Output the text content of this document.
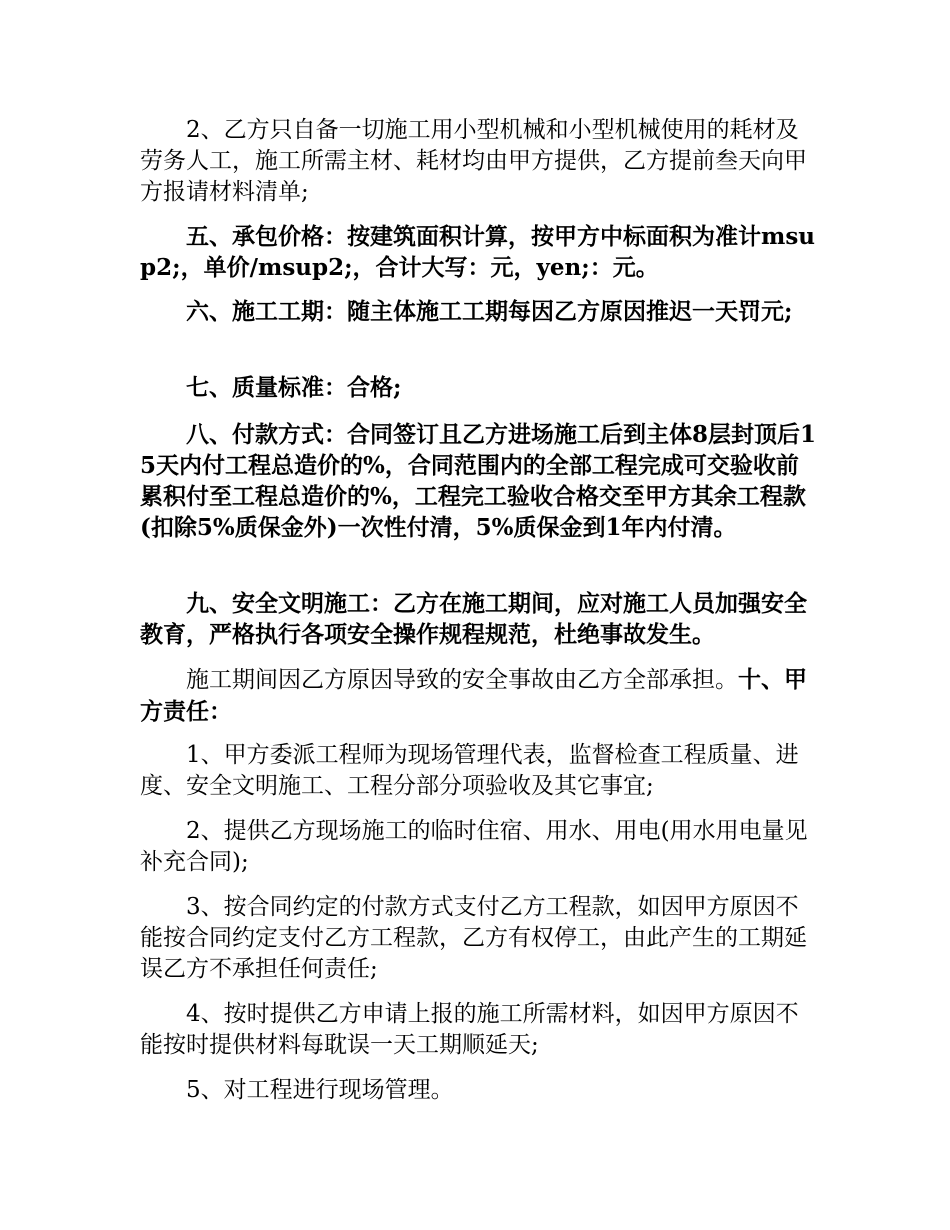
2、乙方只自备一切施工用小型机械和小型机械使用的耗材及劳务人工，施工所需主材、耗材均由甲方提供，乙方提前叁天向甲方报请材料清单;

五、承包价格：按建筑面积计算，按甲方中标面积为准计msup2;，单价/msup2;，合计大写：元，yen;：元。

六、施工工期：随主体施工工期每因乙方原因推迟一天罚元;

七、质量标准：合格;

八、付款方式：合同签订且乙方进场施工后到主体8层封顶后15天内付工程总造价的%，合同范围内的全部工程完成可交验收前累积付至工程总造价的%，工程完工验收合格交至甲方其余工程款(扣除5%质保金外)一次性付清，5%质保金到1年内付清。

九、安全文明施工：乙方在施工期间，应对施工人员加强安全教育，严格执行各项安全操作规程规范，杜绝事故发生。

施工期间因乙方原因导致的安全事故由乙方全部承担。十、甲方责任：

1、甲方委派工程师为现场管理代表，监督检查工程质量、进度、安全文明施工、工程分部分项验收及其它事宜;

2、提供乙方现场施工的临时住宿、用水、用电(用水用电量见补充合同);

3、按合同约定的付款方式支付乙方工程款，如因甲方原因不能按合同约定支付乙方工程款，乙方有权停工，由此产生的工期延误乙方不承担任何责任;

4、按时提供乙方申请上报的施工所需材料，如因甲方原因不能按时提供材料每耽误一天工期顺延天;

5、对工程进行现场管理。
